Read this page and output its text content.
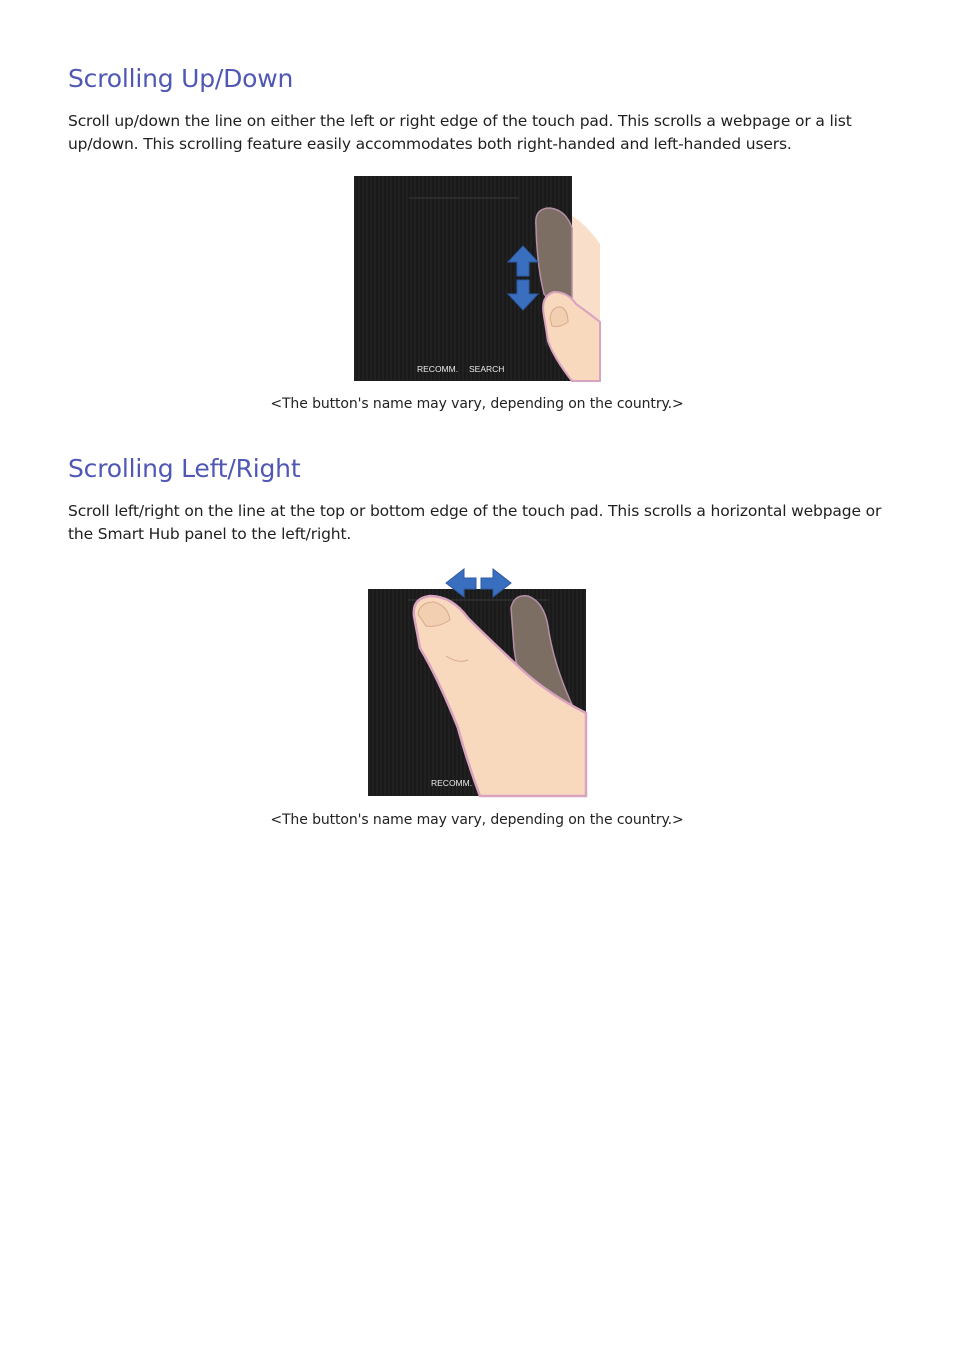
Scrolling Up/Down

Scroll up/down the line on either the left or right edge of the touch pad. This scrolls a webpage or a list up/down. This scrolling feature easily accommodates both right-handed and left-handed users.

RECOMM. SEARCH

<The button's name may vary, depending on the country.>

Scrolling Left/Right

Scroll left/right on the line at the top or bottom edge of the touch pad. This scrolls a horizontal webpage or the Smart Hub panel to the left/right.

RECOMM.

<The button's name may vary, depending on the country.>
